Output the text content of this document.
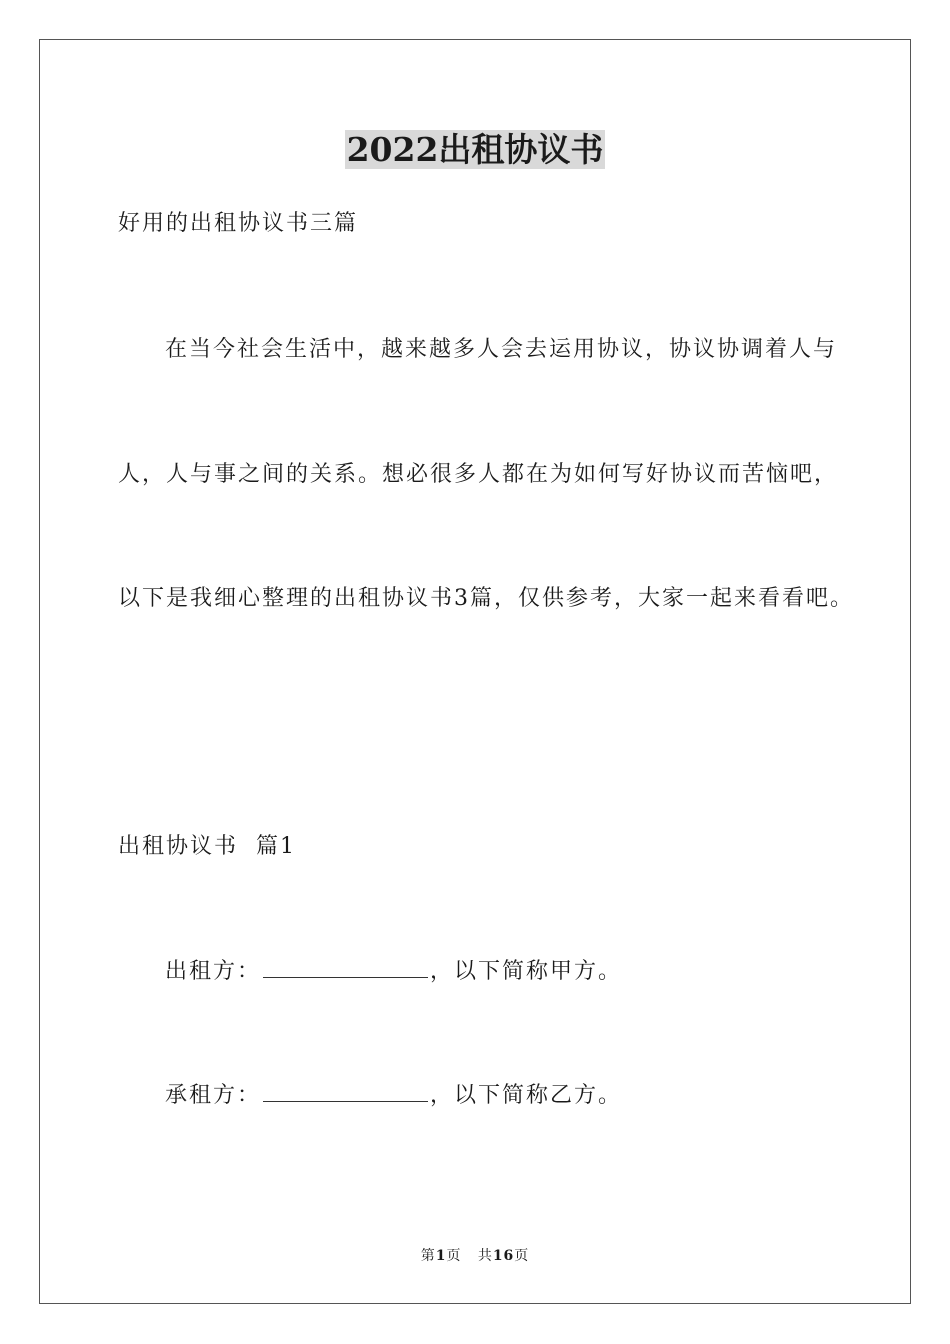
2022出租协议书
好用的出租协议书三篇
在当今社会生活中，越来越多人会去运用协议，协议协调着人与
人，人与事之间的关系。想必很多人都在为如何写好协议而苦恼吧，
以下是我细心整理的出租协议书3篇，仅供参考，大家一起来看看吧。
出租协议书  篇1
出租方：	，以下简称甲方。
承租方：	，以下简称乙方。
第1页 共16页
